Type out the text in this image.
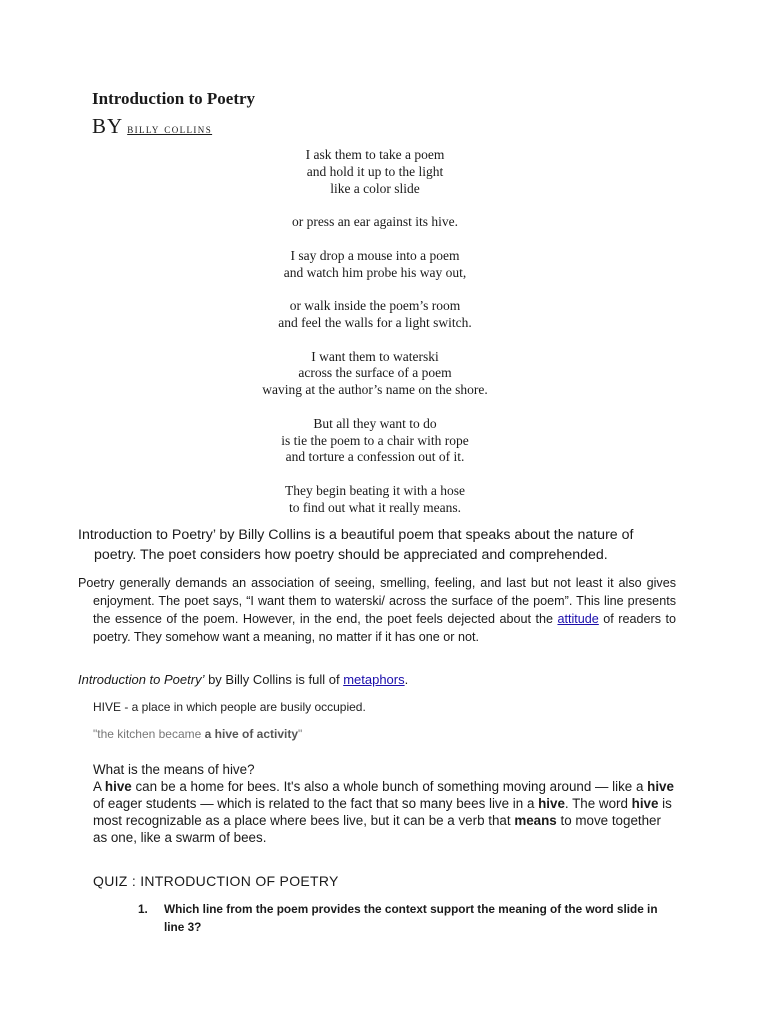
Introduction to Poetry
BY billy collins
I ask them to take a poem
and hold it up to the light
like a color slide
or press an ear against its hive.
I say drop a mouse into a poem
and watch him probe his way out,
or walk inside the poem’s room
and feel the walls for a light switch.
I want them to waterski
across the surface of a poem
waving at the author’s name on the shore.
But all they want to do
is tie the poem to a chair with rope
and torture a confession out of it.
They begin beating it with a hose
to find out what it really means.
Introduction to Poetry’ by Billy Collins is a beautiful poem that speaks about the nature of poetry. The poet considers how poetry should be appreciated and comprehended.
Poetry generally demands an association of seeing, smelling, feeling, and last but not least it also gives enjoyment. The poet says, “I want them to waterski/ across the surface of the poem”. This line presents the essence of the poem. However, in the end, the poet feels dejected about the attitude of readers to poetry. They somehow want a meaning, no matter if it has one or not.
Introduction to Poetry’ by Billy Collins is full of metaphors.
HIVE - a place in which people are busily occupied.
"the kitchen became a hive of activity"
What is the means of hive?
A hive can be a home for bees. It's also a whole bunch of something moving around — like a hive of eager students — which is related to the fact that so many bees live in a hive. The word hive is most recognizable as a place where bees live, but it can be a verb that means to move together as one, like a swarm of bees.
QUIZ : INTRODUCTION OF POETRY
1. Which line from the poem provides the context support the meaning of the word slide in line 3?
